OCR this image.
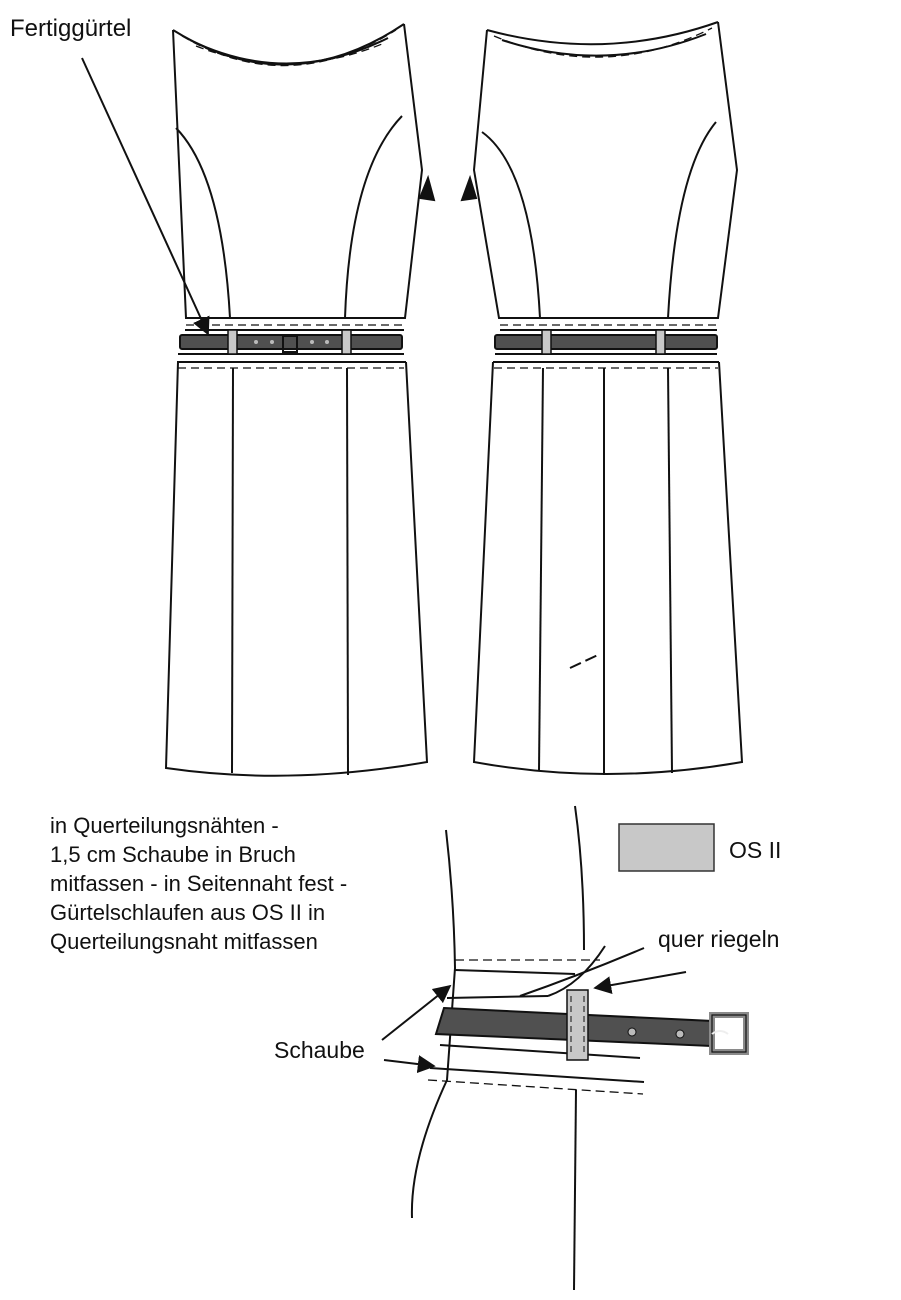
Fertiggürtel
in Querteilungsnähten -
1,5 cm Schaube in Bruch
mitfassen - in Seitennaht fest -
Gürtelschlaufen aus OS II in
Querteilungsnaht mitfassen
OS II
quer riegeln
Schaube
